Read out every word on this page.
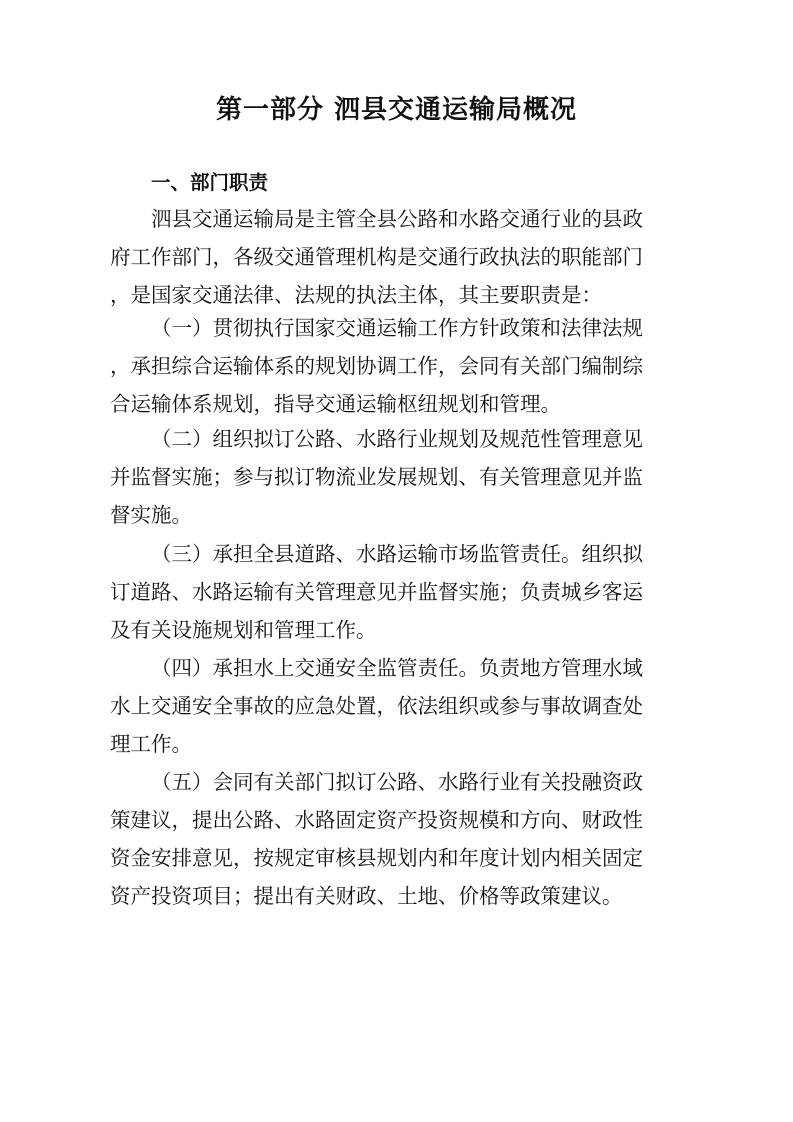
第一部分 泗县交通运输局概况
一、部门职责
泗县交通运输局是主管全县公路和水路交通行业的县政
府工作部门，各级交通管理机构是交通行政执法的职能部门
，是国家交通法律、法规的执法主体，其主要职责是：
（一）贯彻执行国家交通运输工作方针政策和法律法规
，承担综合运输体系的规划协调工作，会同有关部门编制综
合运输体系规划，指导交通运输枢纽规划和管理。
（二）组织拟订公路、水路行业规划及规范性管理意见
并监督实施；参与拟订物流业发展规划、有关管理意见并监
督实施。
（三）承担全县道路、水路运输市场监管责任。组织拟
订道路、水路运输有关管理意见并监督实施；负责城乡客运
及有关设施规划和管理工作。
（四）承担水上交通安全监管责任。负责地方管理水域
水上交通安全事故的应急处置，依法组织或参与事故调查处
理工作。
（五）会同有关部门拟订公路、水路行业有关投融资政
策建议，提出公路、水路固定资产投资规模和方向、财政性
资金安排意见，按规定审核县规划内和年度计划内相关固定
资产投资项目；提出有关财政、土地、价格等政策建议。
